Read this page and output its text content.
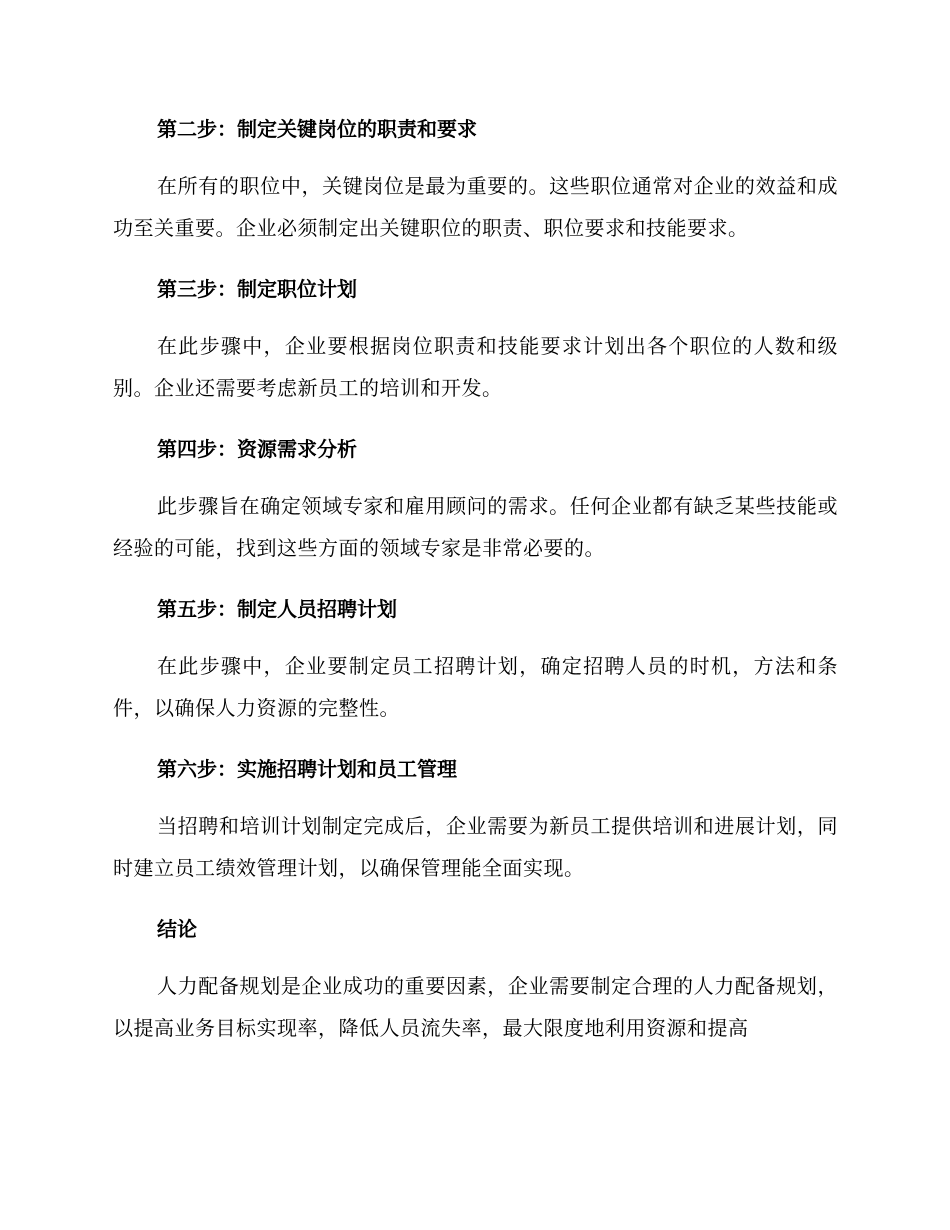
第二步：制定关键岗位的职责和要求
在所有的职位中，关键岗位是最为重要的。这些职位通常对企业的效益和成功至关重要。企业必须制定出关键职位的职责、职位要求和技能要求。
第三步：制定职位计划
在此步骤中，企业要根据岗位职责和技能要求计划出各个职位的人数和级别。企业还需要考虑新员工的培训和开发。
第四步：资源需求分析
此步骤旨在确定领域专家和雇用顾问的需求。任何企业都有缺乏某些技能或经验的可能，找到这些方面的领域专家是非常必要的。
第五步：制定人员招聘计划
在此步骤中，企业要制定员工招聘计划，确定招聘人员的时机，方法和条件，以确保人力资源的完整性。
第六步：实施招聘计划和员工管理
当招聘和培训计划制定完成后，企业需要为新员工提供培训和进展计划，同时建立员工绩效管理计划，以确保管理能全面实现。
结论
人力配备规划是企业成功的重要因素，企业需要制定合理的人力配备规划，以提高业务目标实现率，降低人员流失率，最大限度地利用资源和提高
